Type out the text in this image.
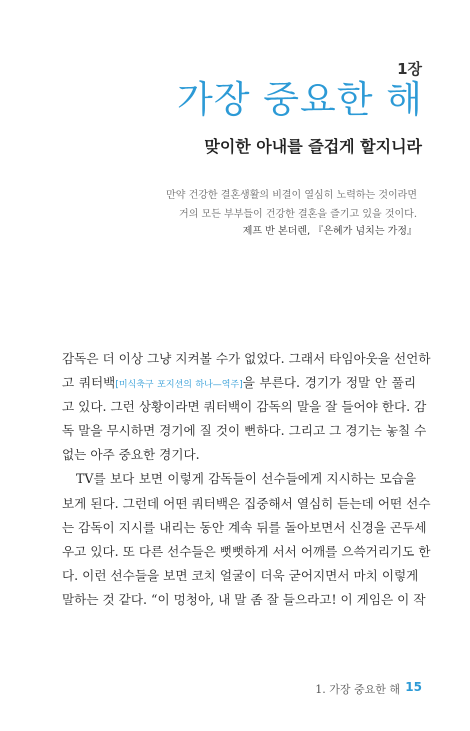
1장
가장 중요한 해
맞이한 아내를 즐겁게 할지니라
만약 건강한 결혼생활의 비결이 열심히 노력하는 것이라면
거의 모든 부부들이 건강한 결혼을 즐기고 있을 것이다.
제프 반 본더렌, 『은혜가 넘치는 가정』
감독은 더 이상 그냥 지켜볼 수가 없었다. 그래서 타임아웃을 선언하
고 쿼터백[미식축구 포지션의 하나—역주]을 부른다. 경기가 정말 안 풀리
고 있다. 그런 상황이라면 쿼터백이 감독의 말을 잘 들어야 한다. 감
독 말을 무시하면 경기에 질 것이 뻔하다. 그리고 그 경기는 놓칠 수
없는 아주 중요한 경기다.
TV를 보다 보면 이렇게 감독들이 선수들에게 지시하는 모습을
보게 된다. 그런데 어떤 쿼터백은 집중해서 열심히 듣는데 어떤 선수
는 감독이 지시를 내리는 동안 계속 뒤를 돌아보면서 신경을 곤두세
우고 있다. 또 다른 선수들은 뻣뻣하게 서서 어깨를 으쓱거리기도 한
다. 이런 선수들을 보면 코치 얼굴이 더욱 굳어지면서 마치 이렇게
말하는 것 같다. “이 멍청아, 내 말 좀 잘 들으라고! 이 게임은 이 작
1. 가장 중요한 해 15
